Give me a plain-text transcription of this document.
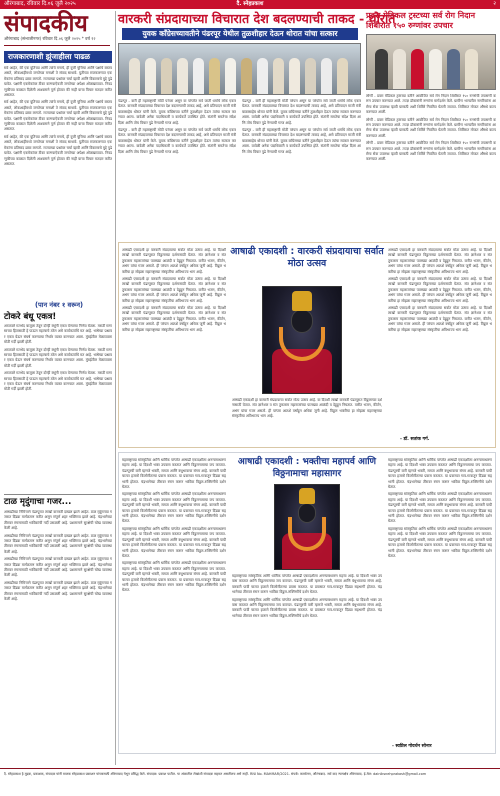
औरंगाबाद, रविवार दि.०६ जुलै २०२५	दै. स्नेहप्रकाश	२
संपादकीय
औरंगाबाद (संभाजीनगर) रविवार दि.०६ जुलै २०२५ * वर्ष १२
राजकारणाशी झुंजाहीला पाढळ

सर्व आहेत, की एक युतिच्या आणि त्यांचे मनाचे, ही युत्ती चुत्तिचा आणि पक्षांचे बस्तव असते, लोकशाहीमध्ये जनतेच्या मनाशी ते संवाद साधावे. युतीच्या राजकारणात एकमेकांना प्रतिसाद द्यावा लागतो. राज्याच्या प्रश्नांवर चर्चा व्हावी आणि विकासाचे मुद्दे पुढे यावेत. पक्षांनी एकमेकांवर टीका करण्याऐवजी जनतेच्या अपेक्षा ओळखाव्यात. निवडणुकीच्या काळात दिलेली आश्वासने पूर्ण होतात की नाही याचा विचार मतदार करीत असतात.

सर्व आहेत, की एक युतिच्या आणि त्यांचे मनाचे, ही युत्ती चुत्तिचा आणि पक्षांचे बस्तव असते, लोकशाहीमध्ये जनतेच्या मनाशी ते संवाद साधावे. युतीच्या राजकारणात एकमेकांना प्रतिसाद द्यावा लागतो. राज्याच्या प्रश्नांवर चर्चा व्हावी आणि विकासाचे मुद्दे पुढे यावेत. पक्षांनी एकमेकांवर टीका करण्याऐवजी जनतेच्या अपेक्षा ओळखाव्यात. निवडणुकीच्या काळात दिलेली आश्वासने पूर्ण होतात की नाही याचा विचार मतदार करीत असतात.

सर्व आहेत, की एक युतिच्या आणि त्यांचे मनाचे, ही युत्ती चुत्तिचा आणि पक्षांचे बस्तव असते, लोकशाहीमध्ये जनतेच्या मनाशी ते संवाद साधावे. युतीच्या राजकारणात एकमेकांना प्रतिसाद द्यावा लागतो. राज्याच्या प्रश्नांवर चर्चा व्हावी आणि विकासाचे मुद्दे पुढे यावेत. पक्षांनी एकमेकांवर टीका करण्याऐवजी जनतेच्या अपेक्षा ओळखाव्यात. निवडणुकीच्या काळात दिलेली आश्वासने पूर्ण होतात की नाही याचा विचार मतदार करीत असतात.

(पान नंबर १ वरून)
टोकरे बंधू एकत्र!

आपापले मतभेद बाजूला ठेवून दोन्ही बंधूंनी एकत्र येण्याचा निर्णय घेतला. मराठी माणसाच्या हितासाठी हे पाऊल महत्त्वाचे ठरेल असे कार्यकर्त्यांचे मत आहे. भाषेच्या प्रश्नावर एकत्र येऊन संघर्ष करण्याचा निर्धार व्यक्त करण्यात आला. मुंबईतील मेळाव्याला मोठी गर्दी झाली होती.

आपापले मतभेद बाजूला ठेवून दोन्ही बंधूंनी एकत्र येण्याचा निर्णय घेतला. मराठी माणसाच्या हितासाठी हे पाऊल महत्त्वाचे ठरेल असे कार्यकर्त्यांचे मत आहे. भाषेच्या प्रश्नावर एकत्र येऊन संघर्ष करण्याचा निर्धार व्यक्त करण्यात आला. मुंबईतील मेळाव्याला मोठी गर्दी झाली होती.

आपापले मतभेद बाजूला ठेवून दोन्ही बंधूंनी एकत्र येण्याचा निर्णय घेतला. मराठी माणसाच्या हितासाठी हे पाऊल महत्त्वाचे ठरेल असे कार्यकर्त्यांचे मत आहे. भाषेच्या प्रश्नावर एकत्र येऊन संघर्ष करण्याचा निर्धार व्यक्त करण्यात आला. मुंबईतील मेळाव्याला मोठी गर्दी झाली होती.

टाळ मृदुंगाचा गजर...

आषाढीच्या निमित्ताने पंढरपूरात लाखो वारकरी दाखल झाले आहेत. टाळ मृदुंगाच्या गजरात दिंड्या मार्गक्रमण करीत असून संपूर्ण शहर भक्तिमय झाले आहे. चंद्रभागेच्या तीरावर स्नानासाठी भाविकांची गर्दी उसळली आहे. प्रशासनाने सुरक्षेची चोख व्यवस्था केली आहे.

आषाढीच्या निमित्ताने पंढरपूरात लाखो वारकरी दाखल झाले आहेत. टाळ मृदुंगाच्या गजरात दिंड्या मार्गक्रमण करीत असून संपूर्ण शहर भक्तिमय झाले आहे. चंद्रभागेच्या तीरावर स्नानासाठी भाविकांची गर्दी उसळली आहे. प्रशासनाने सुरक्षेची चोख व्यवस्था केली आहे.

आषाढीच्या निमित्ताने पंढरपूरात लाखो वारकरी दाखल झाले आहेत. टाळ मृदुंगाच्या गजरात दिंड्या मार्गक्रमण करीत असून संपूर्ण शहर भक्तिमय झाले आहे. चंद्रभागेच्या तीरावर स्नानासाठी भाविकांची गर्दी उसळली आहे. प्रशासनाने सुरक्षेची चोख व्यवस्था केली आहे.

आषाढीच्या निमित्ताने पंढरपूरात लाखो वारकरी दाखल झाले आहेत. टाळ मृदुंगाच्या गजरात दिंड्या मार्गक्रमण करीत असून संपूर्ण शहर भक्तिमय झाले आहे. चंद्रभागेच्या तीरावर स्नानासाठी भाविकांची गर्दी उसळली आहे. प्रशासनाने सुरक्षेची चोख व्यवस्था केली आहे.

वारकरी संप्रदायाच्या विचारात देश बदलण्याची ताकद - थोरात
युवक काँग्रेसच्यावतीने पंढरपूर येथील तुळशीहार देऊन थोरात यांचा सत्कार

पंढरपूर - वारी ही महाराष्ट्राची मोठी परंपरा असून या परंपरेत सर्व जाती धर्माचे लोक एकत्र येतात. वारकरी संप्रदायाच्या विचारात देश बदलण्याची ताकद आहे, असे प्रतिपादन माजी मंत्री बाळासाहेब थोरात यांनी केले. युवक काँग्रेसच्या वतीने तुळशीहार देऊन त्यांचा सत्कार करण्यात आला. यावेळी अनेक पदाधिकारी व कार्यकर्ते उपस्थित होते. संतांनी समतेचा संदेश दिला आणि तोच विचार पुढे नेण्याची गरज आहे.

पंढरपूर - वारी ही महाराष्ट्राची मोठी परंपरा असून या परंपरेत सर्व जाती धर्माचे लोक एकत्र येतात. वारकरी संप्रदायाच्या विचारात देश बदलण्याची ताकद आहे, असे प्रतिपादन माजी मंत्री बाळासाहेब थोरात यांनी केले. युवक काँग्रेसच्या वतीने तुळशीहार देऊन त्यांचा सत्कार करण्यात आला. यावेळी अनेक पदाधिकारी व कार्यकर्ते उपस्थित होते. संतांनी समतेचा संदेश दिला आणि तोच विचार पुढे नेण्याची गरज आहे.

पंढरपूर - वारी ही महाराष्ट्राची मोठी परंपरा असून या परंपरेत सर्व जाती धर्माचे लोक एकत्र येतात. वारकरी संप्रदायाच्या विचारात देश बदलण्याची ताकद आहे, असे प्रतिपादन माजी मंत्री बाळासाहेब थोरात यांनी केले. युवक काँग्रेसच्या वतीने तुळशीहार देऊन त्यांचा सत्कार करण्यात आला. यावेळी अनेक पदाधिकारी व कार्यकर्ते उपस्थित होते. संतांनी समतेचा संदेश दिला आणि तोच विचार पुढे नेण्याची गरज आहे.

पंढरपूर - वारी ही महाराष्ट्राची मोठी परंपरा असून या परंपरेत सर्व जाती धर्माचे लोक एकत्र येतात. वारकरी संप्रदायाच्या विचारात देश बदलण्याची ताकद आहे, असे प्रतिपादन माजी मंत्री बाळासाहेब थोरात यांनी केले. युवक काँग्रेसच्या वतीने तुळशीहार देऊन त्यांचा सत्कार करण्यात आला. यावेळी अनेक पदाधिकारी व कार्यकर्ते उपस्थित होते. संतांनी समतेचा संदेश दिला आणि तोच विचार पुढे नेण्याची गरज आहे.

प्रवरा मेडिकल ट्रस्टच्या सर्व रोग निदान शिबीरात १५० रुग्णांवर उपचार

लोणी - प्रवरा मेडिकल ट्रस्टच्या वतीने आयोजित सर्व रोग निदान शिबीरात १५० रुग्णांची तपासणी करून उपचार करण्यात आले. तज्ज्ञ डॉक्टरांनी रुग्णांना मार्गदर्शन केले. ग्रामीण भागातील नागरिकांना आरोग्य सेवा उपलब्ध व्हावी यासाठी अशी शिबिरे नियमित घेतली जातात. शिबिरात मोफत औषधे वाटप करण्यात आली.

लोणी - प्रवरा मेडिकल ट्रस्टच्या वतीने आयोजित सर्व रोग निदान शिबीरात १५० रुग्णांची तपासणी करून उपचार करण्यात आले. तज्ज्ञ डॉक्टरांनी रुग्णांना मार्गदर्शन केले. ग्रामीण भागातील नागरिकांना आरोग्य सेवा उपलब्ध व्हावी यासाठी अशी शिबिरे नियमित घेतली जातात. शिबिरात मोफत औषधे वाटप करण्यात आली.

लोणी - प्रवरा मेडिकल ट्रस्टच्या वतीने आयोजित सर्व रोग निदान शिबीरात १५० रुग्णांची तपासणी करून उपचार करण्यात आले. तज्ज्ञ डॉक्टरांनी रुग्णांना मार्गदर्शन केले. ग्रामीण भागातील नागरिकांना आरोग्य सेवा उपलब्ध व्हावी यासाठी अशी शिबिरे नियमित घेतली जातात. शिबिरात मोफत औषधे वाटप करण्यात आली.

आषाढी एकादशी : वारकरी संप्रदायाचा सर्वात मोठा उत्सव

आषाढी एकादशी हा वारकरी संप्रदायाचा सर्वात मोठा उत्सव आहे. या दिवशी लाखो वारकरी पंढरपूरात विठ्ठलाच्या दर्शनासाठी येतात. संत ज्ञानेश्वर व संत तुकाराम महाराजांच्या पालख्या आळंदी व देहूहून निघतात. वारीत भजन, कीर्तन, अभंग यांचा गजर असतो. ही परंपरा आठशे वर्षांहून अधिक जुनी आहे. विठ्ठल भक्तीचा हा सोहळा महाराष्ट्राच्या संस्कृतीचा अविभाज्य भाग आहे.

आषाढी एकादशी हा वारकरी संप्रदायाचा सर्वात मोठा उत्सव आहे. या दिवशी लाखो वारकरी पंढरपूरात विठ्ठलाच्या दर्शनासाठी येतात. संत ज्ञानेश्वर व संत तुकाराम महाराजांच्या पालख्या आळंदी व देहूहून निघतात. वारीत भजन, कीर्तन, अभंग यांचा गजर असतो. ही परंपरा आठशे वर्षांहून अधिक जुनी आहे. विठ्ठल भक्तीचा हा सोहळा महाराष्ट्राच्या संस्कृतीचा अविभाज्य भाग आहे.

आषाढी एकादशी हा वारकरी संप्रदायाचा सर्वात मोठा उत्सव आहे. या दिवशी लाखो वारकरी पंढरपूरात विठ्ठलाच्या दर्शनासाठी येतात. संत ज्ञानेश्वर व संत तुकाराम महाराजांच्या पालख्या आळंदी व देहूहून निघतात. वारीत भजन, कीर्तन, अभंग यांचा गजर असतो. ही परंपरा आठशे वर्षांहून अधिक जुनी आहे. विठ्ठल भक्तीचा हा सोहळा महाराष्ट्राच्या संस्कृतीचा अविभाज्य भाग आहे.

आषाढी एकादशी हा वारकरी संप्रदायाचा सर्वात मोठा उत्सव आहे. या दिवशी लाखो वारकरी पंढरपूरात विठ्ठलाच्या दर्शनासाठी येतात. संत ज्ञानेश्वर व संत तुकाराम महाराजांच्या पालख्या आळंदी व देहूहून निघतात. वारीत भजन, कीर्तन, अभंग यांचा गजर असतो. ही परंपरा आठशे वर्षांहून अधिक जुनी आहे. विठ्ठल भक्तीचा हा सोहळा महाराष्ट्राच्या संस्कृतीचा अविभाज्य भाग आहे.

आषाढी एकादशी हा वारकरी संप्रदायाचा सर्वात मोठा उत्सव आहे. या दिवशी लाखो वारकरी पंढरपूरात विठ्ठलाच्या दर्शनासाठी येतात. संत ज्ञानेश्वर व संत तुकाराम महाराजांच्या पालख्या आळंदी व देहूहून निघतात. वारीत भजन, कीर्तन, अभंग यांचा गजर असतो. ही परंपरा आठशे वर्षांहून अधिक जुनी आहे. विठ्ठल भक्तीचा हा सोहळा महाराष्ट्राच्या संस्कृतीचा अविभाज्य भाग आहे.

आषाढी एकादशी हा वारकरी संप्रदायाचा सर्वात मोठा उत्सव आहे. या दिवशी लाखो वारकरी पंढरपूरात विठ्ठलाच्या दर्शनासाठी येतात. संत ज्ञानेश्वर व संत तुकाराम महाराजांच्या पालख्या आळंदी व देहूहून निघतात. वारीत भजन, कीर्तन, अभंग यांचा गजर असतो. ही परंपरा आठशे वर्षांहून अधिक जुनी आहे. विठ्ठल भक्तीचा हा सोहळा महाराष्ट्राच्या संस्कृतीचा अविभाज्य भाग आहे.

आषाढी एकादशी हा वारकरी संप्रदायाचा सर्वात मोठा उत्सव आहे. या दिवशी लाखो वारकरी पंढरपूरात विठ्ठलाच्या दर्शनासाठी येतात. संत ज्ञानेश्वर व संत तुकाराम महाराजांच्या पालख्या आळंदी व देहूहून निघतात. वारीत भजन, कीर्तन, अभंग यांचा गजर असतो. ही परंपरा आठशे वर्षांहून अधिक जुनी आहे. विठ्ठल भक्तीचा हा सोहळा महाराष्ट्राच्या संस्कृतीचा अविभाज्य भाग आहे.

- डॉ. सतांक गर्ग.
आषाढी एकादशी : भक्तीचा महापर्व आणि विठ्ठनामाचा महासागर

महाराष्ट्राच्या सांस्कृतिक आणि धार्मिक परंपरेत आषाढी एकादशीला अनन्यसाधारण महत्त्व आहे. या दिवशी भक्त उपवास करतात आणि विठ्ठलनामाचा जप करतात. पंढरपूरची वारी म्हणजे भक्ती, समता आणि बंधुभावाचा संगम आहे. वारकरी पायी चालत हजारो किलोमीटरचा प्रवास करतात. या प्रवासात गाव-गावातून दिंड्या सहभागी होतात. चंद्रभागेच्या तीरावर स्नान करून भाविक विठ्ठल-रुक्मिणीचे दर्शन घेतात.

महाराष्ट्राच्या सांस्कृतिक आणि धार्मिक परंपरेत आषाढी एकादशीला अनन्यसाधारण महत्त्व आहे. या दिवशी भक्त उपवास करतात आणि विठ्ठलनामाचा जप करतात. पंढरपूरची वारी म्हणजे भक्ती, समता आणि बंधुभावाचा संगम आहे. वारकरी पायी चालत हजारो किलोमीटरचा प्रवास करतात. या प्रवासात गाव-गावातून दिंड्या सहभागी होतात. चंद्रभागेच्या तीरावर स्नान करून भाविक विठ्ठल-रुक्मिणीचे दर्शन घेतात.

महाराष्ट्राच्या सांस्कृतिक आणि धार्मिक परंपरेत आषाढी एकादशीला अनन्यसाधारण महत्त्व आहे. या दिवशी भक्त उपवास करतात आणि विठ्ठलनामाचा जप करतात. पंढरपूरची वारी म्हणजे भक्ती, समता आणि बंधुभावाचा संगम आहे. वारकरी पायी चालत हजारो किलोमीटरचा प्रवास करतात. या प्रवासात गाव-गावातून दिंड्या सहभागी होतात. चंद्रभागेच्या तीरावर स्नान करून भाविक विठ्ठल-रुक्मिणीचे दर्शन घेतात.

महाराष्ट्राच्या सांस्कृतिक आणि धार्मिक परंपरेत आषाढी एकादशीला अनन्यसाधारण महत्त्व आहे. या दिवशी भक्त उपवास करतात आणि विठ्ठलनामाचा जप करतात. पंढरपूरची वारी म्हणजे भक्ती, समता आणि बंधुभावाचा संगम आहे. वारकरी पायी चालत हजारो किलोमीटरचा प्रवास करतात. या प्रवासात गाव-गावातून दिंड्या सहभागी होतात. चंद्रभागेच्या तीरावर स्नान करून भाविक विठ्ठल-रुक्मिणीचे दर्शन घेतात.

महाराष्ट्राच्या सांस्कृतिक आणि धार्मिक परंपरेत आषाढी एकादशीला अनन्यसाधारण महत्त्व आहे. या दिवशी भक्त उपवास करतात आणि विठ्ठलनामाचा जप करतात. पंढरपूरची वारी म्हणजे भक्ती, समता आणि बंधुभावाचा संगम आहे. वारकरी पायी चालत हजारो किलोमीटरचा प्रवास करतात. या प्रवासात गाव-गावातून दिंड्या सहभागी होतात. चंद्रभागेच्या तीरावर स्नान करून भाविक विठ्ठल-रुक्मिणीचे दर्शन घेतात.

महाराष्ट्राच्या सांस्कृतिक आणि धार्मिक परंपरेत आषाढी एकादशीला अनन्यसाधारण महत्त्व आहे. या दिवशी भक्त उपवास करतात आणि विठ्ठलनामाचा जप करतात. पंढरपूरची वारी म्हणजे भक्ती, समता आणि बंधुभावाचा संगम आहे. वारकरी पायी चालत हजारो किलोमीटरचा प्रवास करतात. या प्रवासात गाव-गावातून दिंड्या सहभागी होतात. चंद्रभागेच्या तीरावर स्नान करून भाविक विठ्ठल-रुक्मिणीचे दर्शन घेतात.

महाराष्ट्राच्या सांस्कृतिक आणि धार्मिक परंपरेत आषाढी एकादशीला अनन्यसाधारण महत्त्व आहे. या दिवशी भक्त उपवास करतात आणि विठ्ठलनामाचा जप करतात. पंढरपूरची वारी म्हणजे भक्ती, समता आणि बंधुभावाचा संगम आहे. वारकरी पायी चालत हजारो किलोमीटरचा प्रवास करतात. या प्रवासात गाव-गावातून दिंड्या सहभागी होतात. चंद्रभागेच्या तीरावर स्नान करून भाविक विठ्ठल-रुक्मिणीचे दर्शन घेतात.

महाराष्ट्राच्या सांस्कृतिक आणि धार्मिक परंपरेत आषाढी एकादशीला अनन्यसाधारण महत्त्व आहे. या दिवशी भक्त उपवास करतात आणि विठ्ठलनामाचा जप करतात. पंढरपूरची वारी म्हणजे भक्ती, समता आणि बंधुभावाचा संगम आहे. वारकरी पायी चालत हजारो किलोमीटरचा प्रवास करतात. या प्रवासात गाव-गावातून दिंड्या सहभागी होतात. चंद्रभागेच्या तीरावर स्नान करून भाविक विठ्ठल-रुक्मिणीचे दर्शन घेतात.

महाराष्ट्राच्या सांस्कृतिक आणि धार्मिक परंपरेत आषाढी एकादशीला अनन्यसाधारण महत्त्व आहे. या दिवशी भक्त उपवास करतात आणि विठ्ठलनामाचा जप करतात. पंढरपूरची वारी म्हणजे भक्ती, समता आणि बंधुभावाचा संगम आहे. वारकरी पायी चालत हजारो किलोमीटरचा प्रवास करतात. या प्रवासात गाव-गावातून दिंड्या सहभागी होतात. चंद्रभागेच्या तीरावर स्नान करून भाविक विठ्ठल-रुक्मिणीचे दर्शन घेतात.

- स्वप्निल गोवर्धन सोनार
दै. स्नेहप्रकाश हे मुद्रक, प्रकाशक, संपादक यांनी मालक स्नेहप्रकाश प्रकाशन यांच्यासाठी औरंगाबाद येथून प्रसिद्ध केले. संपादक: प्रकाश पाटील. या अंकातील लेखांशी संपादक सहमत असतीलच असे नाही. RNI No. MAHMAR/2021. संपर्क: कार्यालय, औरंगाबाद. सर्व वाद न्यायक्षेत्र औरंगाबाद. ई-मेल: dainiksnehprakash@gmail.com
